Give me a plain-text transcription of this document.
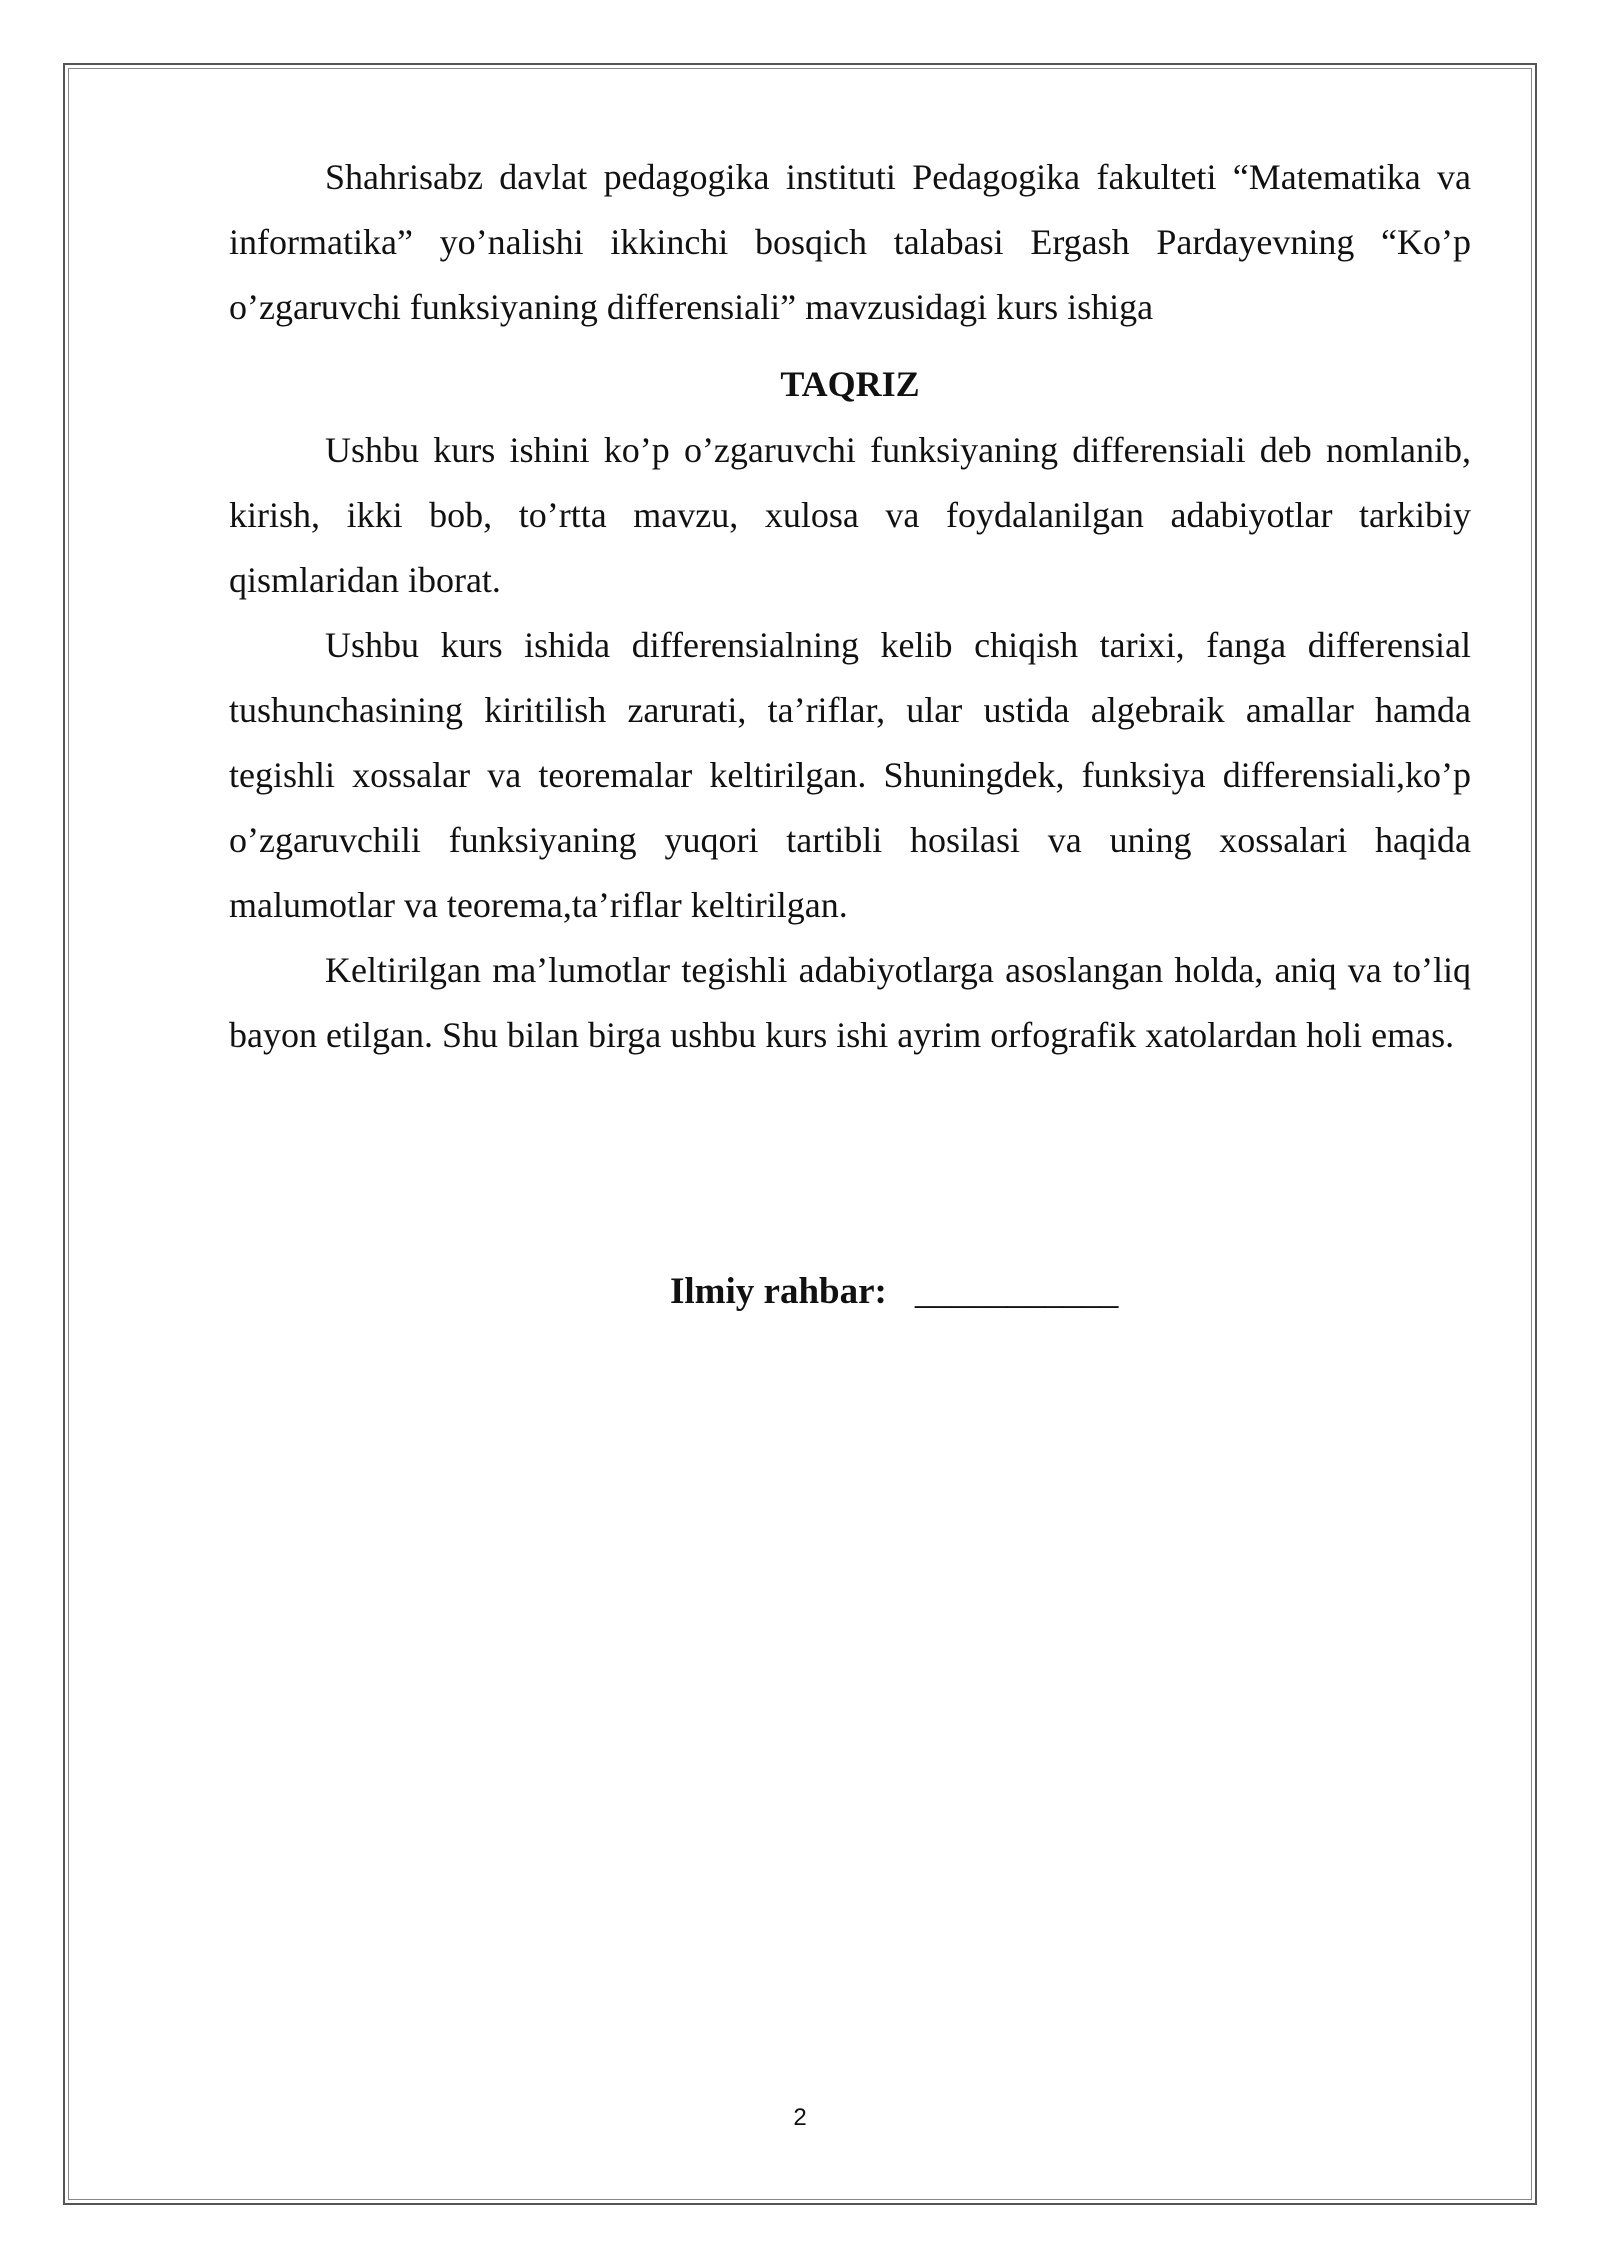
Shahrisabz davlat pedagogika instituti Pedagogika fakulteti “Matematika va informatika” yo’nalishi ikkinchi bosqich talabasi Ergash Pardayevning “Ko’p o’zgaruvchi funksiyaning differensiali” mavzusidagi kurs ishiga

TAQRIZ

Ushbu kurs ishini ko’p o’zgaruvchi funksiyaning differensiali deb nomlanib, kirish, ikki bob, to’rtta mavzu, xulosa va foydalanilgan adabiyotlar tarkibiy qismlaridan iborat.

Ushbu kurs ishida differensialning kelib chiqish tarixi, fanga differensial tushunchasining kiritilish zarurati, ta’riflar, ular ustida algebraik amallar hamda tegishli xossalar va teoremalar keltirilgan. Shuningdek, funksiya differensiali,ko’p o’zgaruvchili funksiyaning yuqori tartibli hosilasi va uning xossalari haqida malumotlar va teorema,ta’riflar keltirilgan.

Keltirilgan ma’lumotlar tegishli adabiyotlarga asoslangan holda, aniq va to’liq bayon etilgan. Shu bilan birga ushbu kurs ishi ayrim orfografik xatolardan holi emas.

Ilmiy rahbar: ___________
2
